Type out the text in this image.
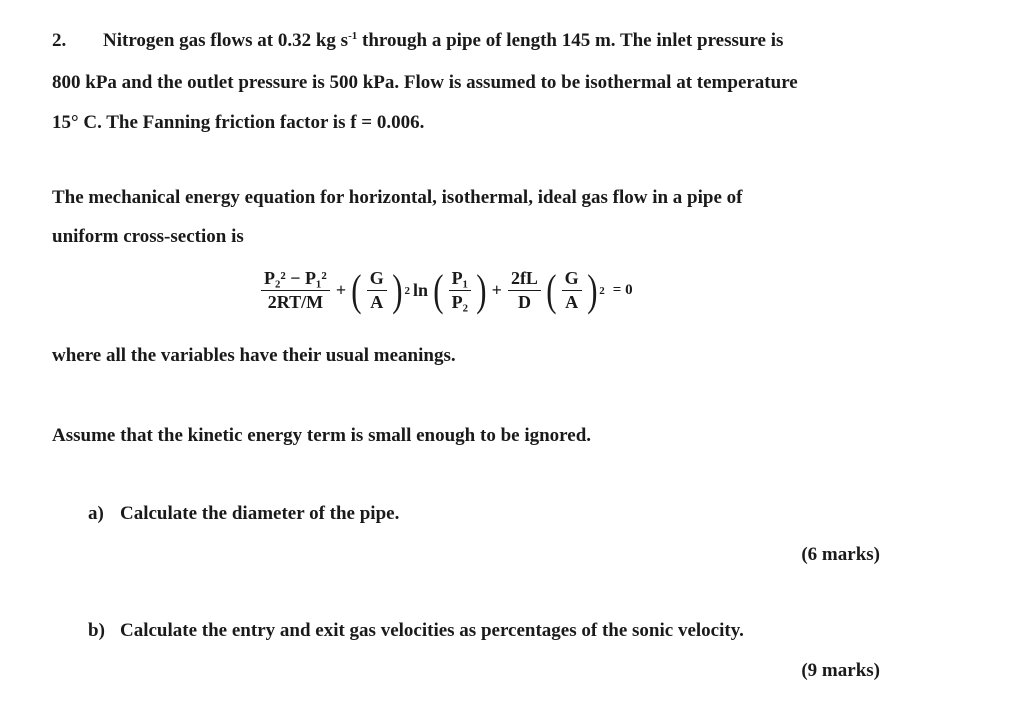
2. Nitrogen gas flows at 0.32 kg $s^{-1}$ through a pipe of length 145 m. The inlet pressure is
800 kPa and the outlet pressure is 500 kPa. Flow is assumed to be isothermal at temperature
15° C. The Fanning friction factor is f = 0.006.
The mechanical energy equation for horizontal, isothermal, ideal gas flow in a pipe of
uniform cross-section is
$\frac{\text{P₂² − P₁²}}{2RT/M}$ + ( $\frac{G}{A}$ ) 2 ln ( $\frac{\text{P₁}}{\text{P₂}}$ ) + $\frac{2fL}{D}$ ( $\frac{G}{A}$ ) 2 = 0
where all the variables have their usual meanings.
Assume that the kinetic energy term is small enough to be ignored.
a) Calculate the diameter of the pipe.
(6 marks)
b) Calculate the entry and exit gas velocities as percentages of the sonic velocity.
(9 marks)
